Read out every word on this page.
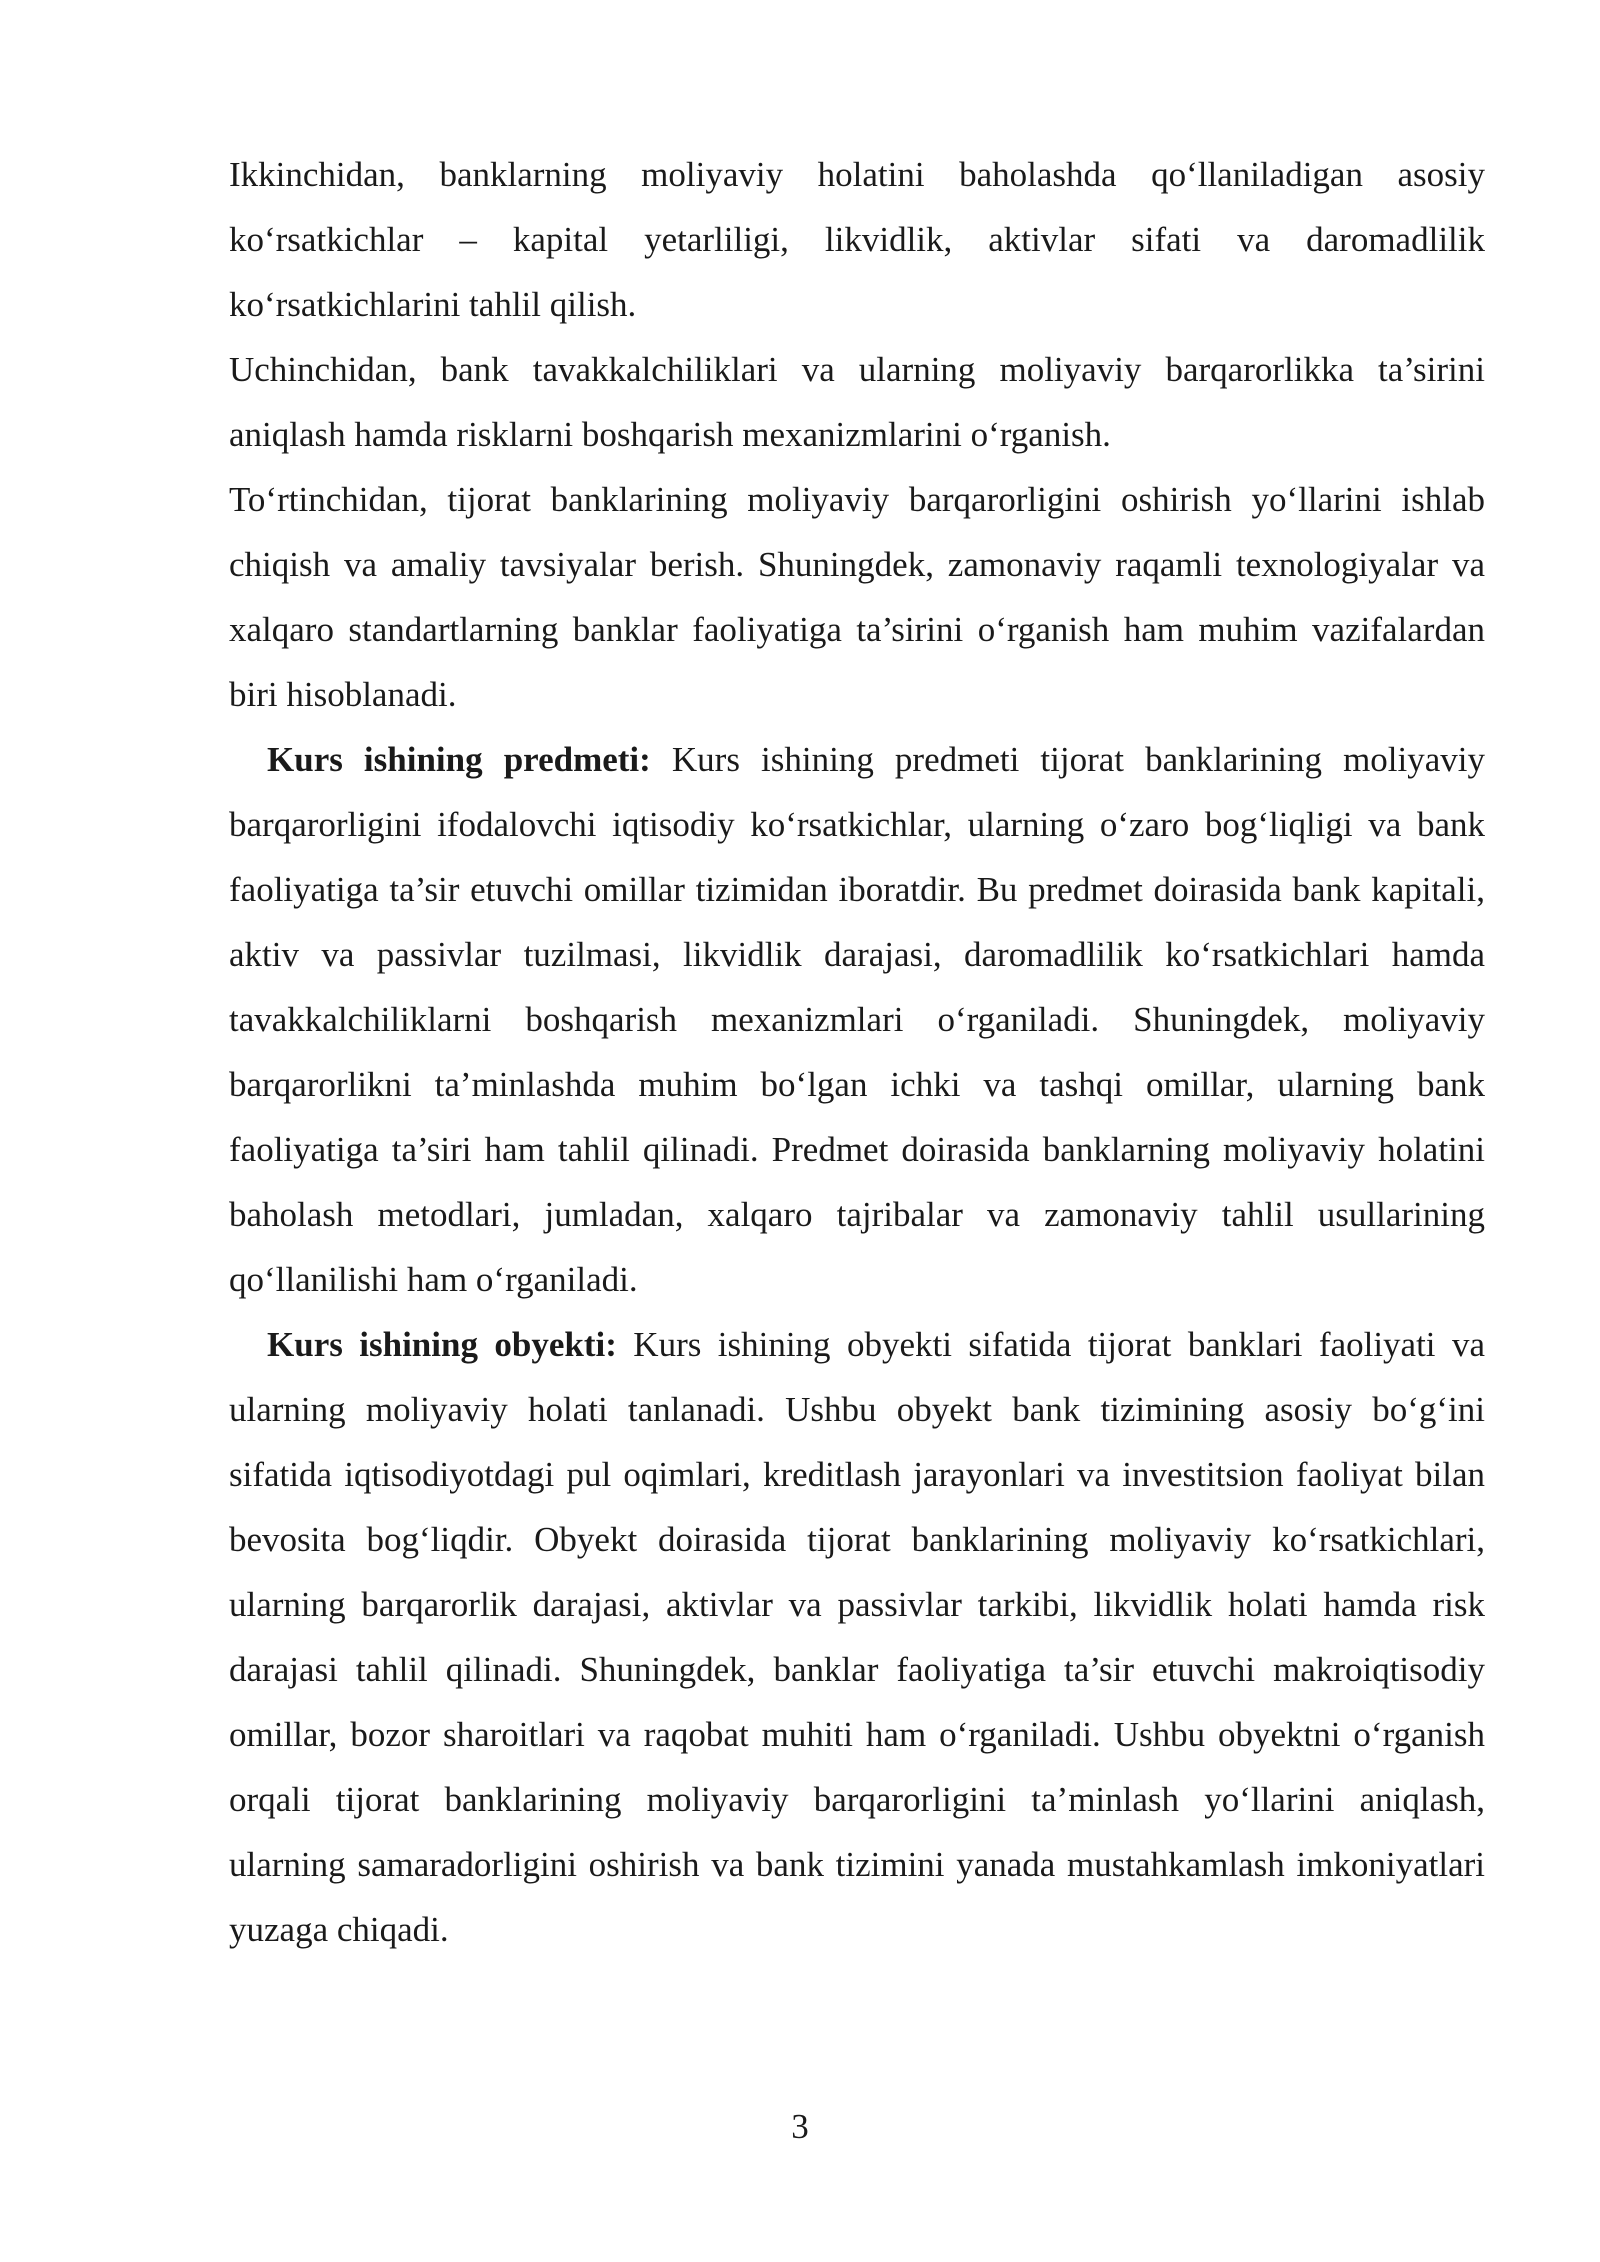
Ikkinchidan, banklarning moliyaviy holatini baholashda qo‘llaniladigan asosiy ko‘rsatkichlar – kapital yetarliligi, likvidlik, aktivlar sifati va daromadlilik ko‘rsatkichlarini tahlil qilish.

Uchinchidan, bank tavakkalchiliklari va ularning moliyaviy barqarorlikka ta’sirini aniqlash hamda risklarni boshqarish mexanizmlarini o‘rganish.

To‘rtinchidan, tijorat banklarining moliyaviy barqarorligini oshirish yo‘llarini ishlab chiqish va amaliy tavsiyalar berish. Shuningdek, zamonaviy raqamli texnologiyalar va xalqaro standartlarning banklar faoliyatiga ta’sirini o‘rganish ham muhim vazifalardan biri hisoblanadi.

Kurs ishining predmeti: Kurs ishining predmeti tijorat banklarining moliyaviy barqarorligini ifodalovchi iqtisodiy ko‘rsatkichlar, ularning o‘zaro bog‘liqligi va bank faoliyatiga ta’sir etuvchi omillar tizimidan iboratdir. Bu predmet doirasida bank kapitali, aktiv va passivlar tuzilmasi, likvidlik darajasi, daromadlilik ko‘rsatkichlari hamda tavakkalchiliklarni boshqarish mexanizmlari o‘rganiladi. Shuningdek, moliyaviy barqarorlikni ta’minlashda muhim bo‘lgan ichki va tashqi omillar, ularning bank faoliyatiga ta’siri ham tahlil qilinadi. Predmet doirasida banklarning moliyaviy holatini baholash metodlari, jumladan, xalqaro tajribalar va zamonaviy tahlil usullarining qo‘llanilishi ham o‘rganiladi.

Kurs ishining obyekti: Kurs ishining obyekti sifatida tijorat banklari faoliyati va ularning moliyaviy holati tanlanadi. Ushbu obyekt bank tizimining asosiy bo‘g‘ini sifatida iqtisodiyotdagi pul oqimlari, kreditlash jarayonlari va investitsion faoliyat bilan bevosita bog‘liqdir. Obyekt doirasida tijorat banklarining moliyaviy ko‘rsatkichlari, ularning barqarorlik darajasi, aktivlar va passivlar tarkibi, likvidlik holati hamda risk darajasi tahlil qilinadi. Shuningdek, banklar faoliyatiga ta’sir etuvchi makroiqtisodiy omillar, bozor sharoitlari va raqobat muhiti ham o‘rganiladi. Ushbu obyektni o‘rganish orqali tijorat banklarining moliyaviy barqarorligini ta’minlash yo‘llarini aniqlash, ularning samaradorligini oshirish va bank tizimini yanada mustahkamlash imkoniyatlari yuzaga chiqadi.

3
